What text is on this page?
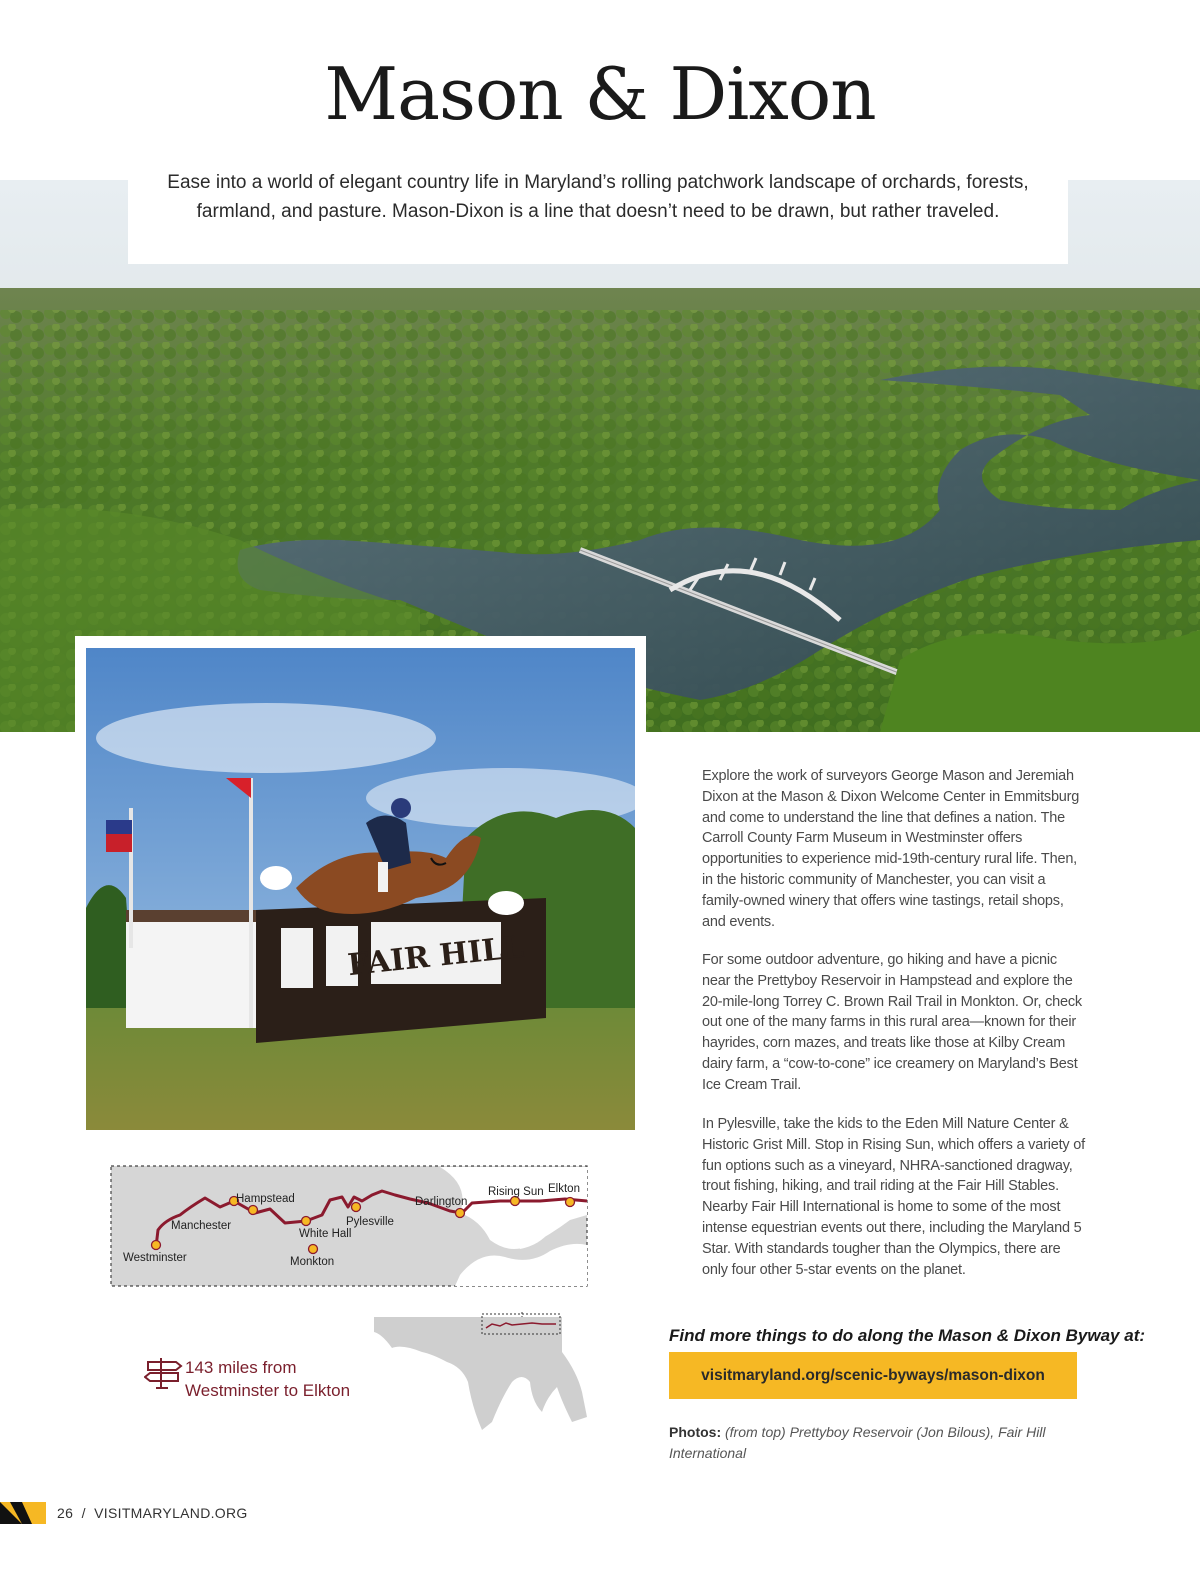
Mason & Dixon

Ease into a world of elegant country life in Maryland’s rolling patchwork landscape of orchards, forests, farmland, and pasture. Mason-Dixon is a line that doesn’t need to be drawn, but rather traveled.

FAIR HILL

Explore the work of surveyors George Mason and Jeremiah Dixon at the Mason & Dixon Welcome Center in Emmitsburg and come to understand the line that defines a nation. The Carroll County Farm Museum in Westminster offers opportunities to experience mid-19th-century rural life. Then, in the historic community of Manchester, you can visit a family-owned winery that offers wine tastings, retail shops, and events.

For some outdoor adventure, go hiking and have a picnic near the Prettyboy Reservoir in Hampstead and explore the 20-mile-long Torrey C. Brown Rail Trail in Monkton. Or, check out one of the many farms in this rural area—known for their hayrides, corn mazes, and treats like those at Kilby Cream dairy farm, a “cow-to-cone” ice creamery on Maryland’s Best Ice Cream Trail.

In Pylesville, take the kids to the Eden Mill Nature Center & Historic Grist Mill. Stop in Rising Sun, which offers a variety of fun options such as a vineyard, NHRA-sanctioned dragway, trout fishing, hiking, and trail riding at the Fair Hill Stables. Nearby Fair Hill International is home to some of the most intense equestrian events out there, including the Maryland 5 Star. With standards tougher than the Olympics, there are only four other 5-star events on the planet.

Westminster
Manchester
Hampstead
White Hall
Monkton
Pylesville
Darlington
Rising Sun Elkton

143 miles from
Westminster to Elkton

Find more things to do along the Mason & Dixon Byway at:

visitmaryland.org/scenic-byways/mason-dixon

Photos: (from top) Prettyboy Reservoir (Jon Bilous), Fair Hill International

26 / VISITMARYLAND.ORG
